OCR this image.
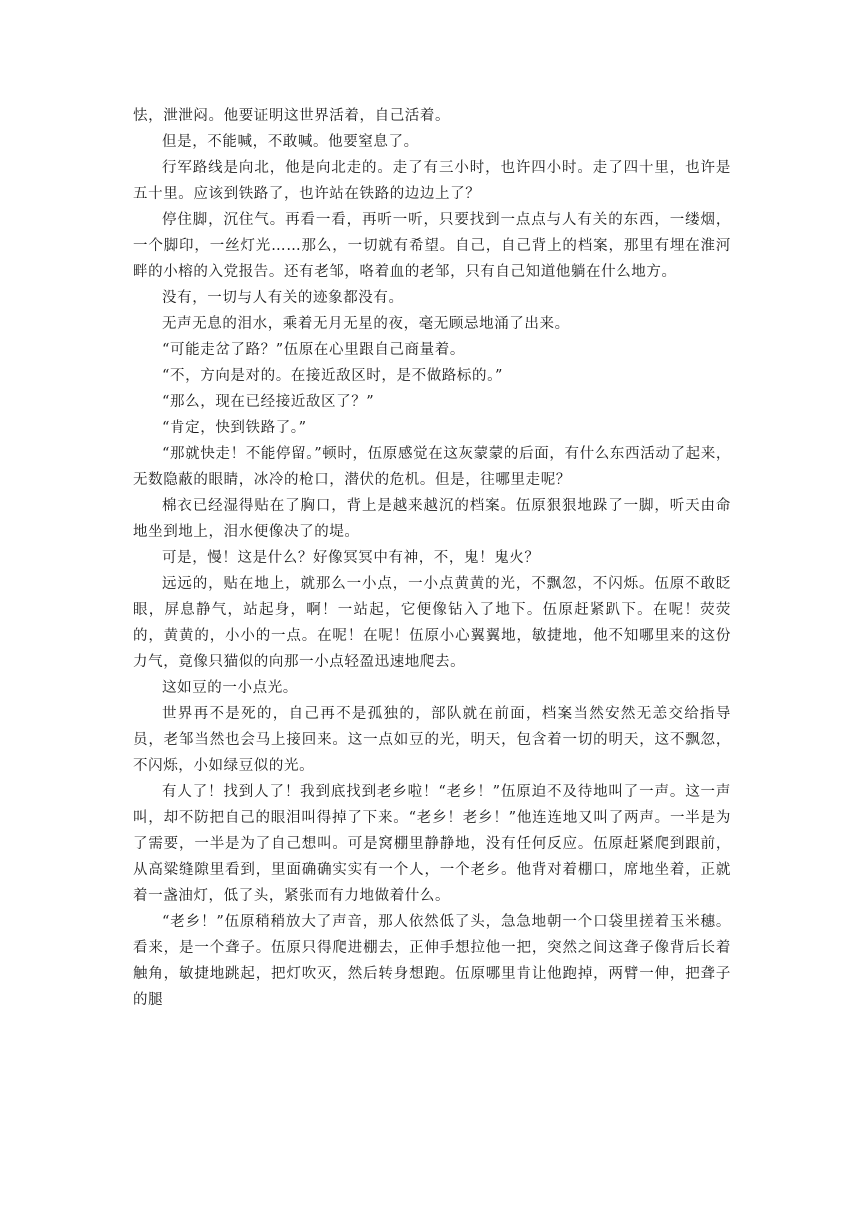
怯，泄泄闷。他要证明这世界活着，自己活着。

但是，不能喊，不敢喊。他要窒息了。

行军路线是向北，他是向北走的。走了有三小时，也许四小时。走了四十里，也许是五十里。应该到铁路了，也许站在铁路的边边上了？

停住脚，沉住气。再看一看，再听一听，只要找到一点点与人有关的东西，一缕烟，一个脚印，一丝灯光……那么，一切就有希望。自己，自己背上的档案，那里有埋在淮河畔的小榕的入党报告。还有老邹，咯着血的老邹，只有自己知道他躺在什么地方。

没有，一切与人有关的迹象都没有。

无声无息的泪水，乘着无月无星的夜，毫无顾忌地涌了出来。

“可能走岔了路？”伍原在心里跟自己商量着。

“不，方向是对的。在接近敌区时，是不做路标的。”

“那么，现在已经接近敌区了？”

“肯定，快到铁路了。”

“那就快走！不能停留。”顿时，伍原感觉在这灰蒙蒙的后面，有什么东西活动了起来，无数隐蔽的眼睛，冰冷的枪口，潜伏的危机。但是，往哪里走呢？

棉衣已经湿得贴在了胸口，背上是越来越沉的档案。伍原狠狠地跺了一脚，听天由命地坐到地上，泪水便像决了的堤。

可是，慢！这是什么？好像冥冥中有神，不，鬼！鬼火？

远远的，贴在地上，就那么一小点，一小点黄黄的光，不飘忽，不闪烁。伍原不敢眨眼，屏息静气，站起身，啊！一站起，它便像钻入了地下。伍原赶紧趴下。在呢！荧荧的，黄黄的，小小的一点。在呢！在呢！伍原小心翼翼地，敏捷地，他不知哪里来的这份力气，竟像只猫似的向那一小点轻盈迅速地爬去。

这如豆的一小点光。

世界再不是死的，自己再不是孤独的，部队就在前面，档案当然安然无恙交给指导员，老邹当然也会马上接回来。这一点如豆的光，明天，包含着一切的明天，这不飘忽，不闪烁，小如绿豆似的光。

有人了！找到人了！我到底找到老乡啦！“老乡！”伍原迫不及待地叫了一声。这一声叫，却不防把自己的眼泪叫得掉了下来。“老乡！老乡！”他连连地又叫了两声。一半是为了需要，一半是为了自己想叫。可是窝棚里静静地，没有任何反应。伍原赶紧爬到跟前，从高粱缝隙里看到，里面确确实实有一个人，一个老乡。他背对着棚口，席地坐着，正就着一盏油灯，低了头，紧张而有力地做着什么。

“老乡！”伍原稍稍放大了声音，那人依然低了头，急急地朝一个口袋里搓着玉米穗。看来，是一个聋子。伍原只得爬进棚去，正伸手想拉他一把，突然之间这聋子像背后长着触角，敏捷地跳起，把灯吹灭，然后转身想跑。伍原哪里肯让他跑掉，两臂一伸，把聋子的腿
